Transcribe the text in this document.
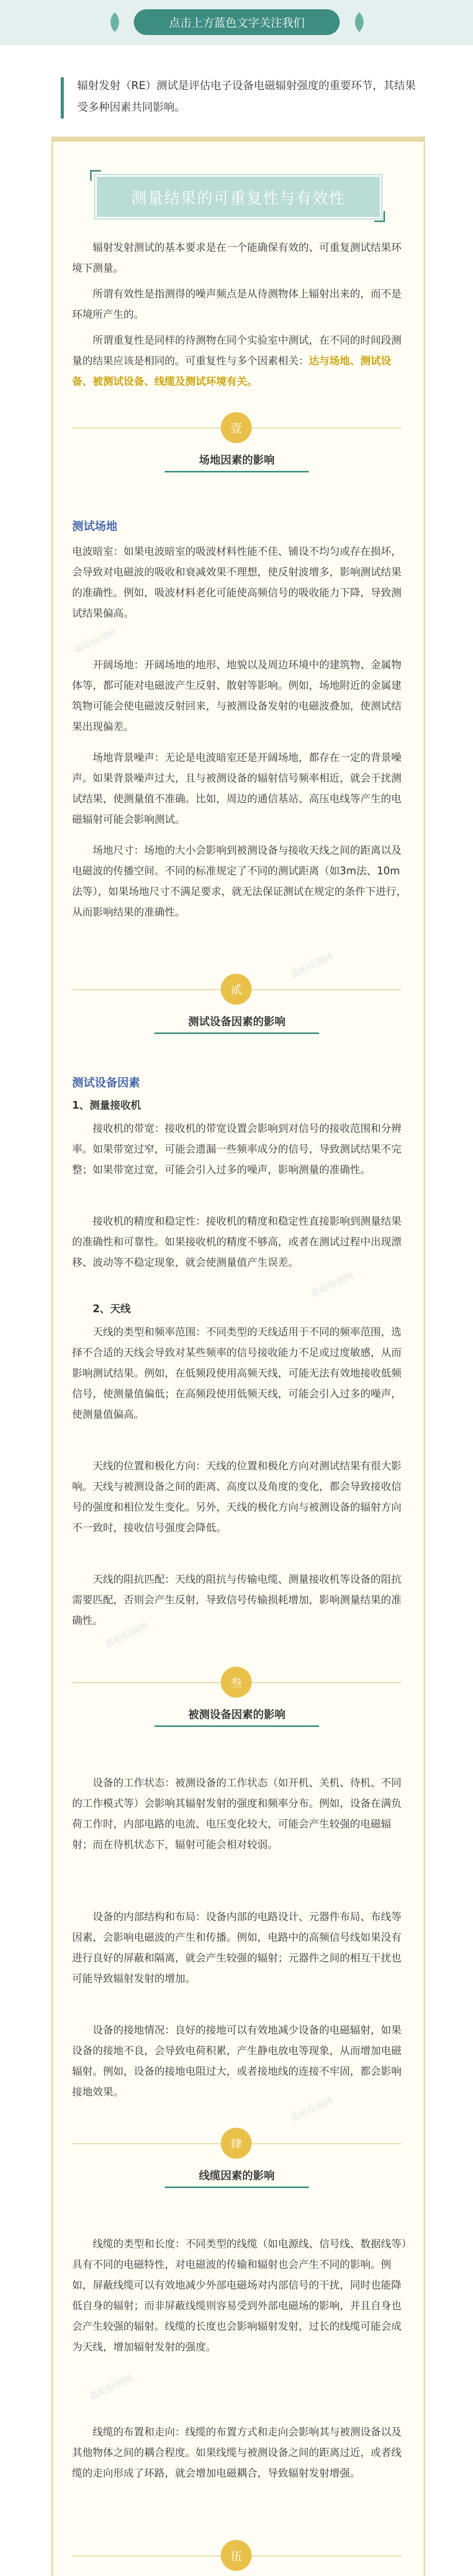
点击上方蓝色文字关注我们
辐射发射（RE）测试是评估电子设备电磁辐射强度的重要环节，其结果受多种因素共同影响。
测量结果的可重复性与有效性
辐射发射测试的基本要求是在一个能确保有效的、可重复测试结果环境下测量。
所谓有效性是指测得的噪声频点是从待测物体上辐射出来的，而不是环境所产生的。
所谓重复性是同样的待测物在同个实验室中测试，在不同的时间段测量的结果应该是相同的。可重复性与多个因素相关：达与场地、测试设备、被测试设备、线缆及测试环境有关。
壹
场地因素的影响
测试场地
电波暗室：如果电波暗室的吸波材料性能不佳、铺设不均匀或存在损坏，会导致对电磁波的吸收和衰减效果不理想，使反射波增多，影响测试结果的准确性。例如，吸波材料老化可能使高频信号的吸收能力下降，导致测试结果偏高。
开阔场地：开阔场地的地形、地貌以及周边环境中的建筑物、金属物体等，都可能对电磁波产生反射、散射等影响。例如，场地附近的金属建筑物可能会使电磁波反射回来，与被测设备发射的电磁波叠加，使测试结果出现偏差。
场地背景噪声：无论是电波暗室还是开阔场地，都存在一定的背景噪声。如果背景噪声过大，且与被测设备的辐射信号频率相近，就会干扰测试结果，使测量值不准确。比如，周边的通信基站、高压电线等产生的电磁辐射可能会影响测试。
场地尺寸：场地的大小会影响到被测设备与接收天线之间的距离以及电磁波的传播空间。不同的标准规定了不同的测试距离（如3m法、10m法等），如果场地尺寸不满足要求，就无法保证测试在规定的条件下进行，从而影响结果的准确性。
贰
测试设备因素的影响
测试设备因素
1、测量接收机
接收机的带宽：接收机的带宽设置会影响到对信号的接收范围和分辨率。如果带宽过窄，可能会遗漏一些频率成分的信号，导致测试结果不完整；如果带宽过宽，可能会引入过多的噪声，影响测量的准确性。
接收机的精度和稳定性：接收机的精度和稳定性直接影响到测量结果的准确性和可靠性。如果接收机的精度不够高，或者在测试过程中出现漂移、波动等不稳定现象，就会使测量值产生误差。
2、天线
天线的类型和频率范围：不同类型的天线适用于不同的频率范围，选择不合适的天线会导致对某些频率的信号接收能力不足或过度敏感，从而影响测试结果。例如，在低频段使用高频天线，可能无法有效地接收低频信号，使测量值偏低；在高频段使用低频天线，可能会引入过多的噪声，使测量值偏高。
天线的位置和极化方向：天线的位置和极化方向对测试结果有很大影响。天线与被测设备之间的距离、高度以及角度的变化，都会导致接收信号的强度和相位发生变化。另外，天线的极化方向与被测设备的辐射方向不一致时，接收信号强度会降低。
天线的阻抗匹配：天线的阻抗与传输电缆、测量接收机等设备的阻抗需要匹配，否则会产生反射，导致信号传输损耗增加，影响测量结果的准确性。
叁
被测设备因素的影响
设备的工作状态：被测设备的工作状态（如开机、关机、待机、不同的工作模式等）会影响其辐射发射的强度和频率分布。例如，设备在满负荷工作时，内部电路的电流、电压变化较大，可能会产生较强的电磁辐射；而在待机状态下，辐射可能会相对较弱。
设备的内部结构和布局：设备内部的电路设计、元器件布局、布线等因素，会影响电磁波的产生和传播。例如，电路中的高频信号线如果没有进行良好的屏蔽和隔离，就会产生较强的辐射；元器件之间的相互干扰也可能导致辐射发射的增加。
设备的接地情况：良好的接地可以有效地减少设备的电磁辐射，如果设备的接地不良，会导致电荷积累，产生静电放电等现象，从而增加电磁辐射。例如，设备的接地电阻过大，或者接地线的连接不牢固，都会影响接地效果。
肆
线缆因素的影响
线缆的类型和长度：不同类型的线缆（如电源线、信号线、数据线等）具有不同的电磁特性，对电磁波的传输和辐射也会产生不同的影响。例如，屏蔽线缆可以有效地减少外部电磁场对内部信号的干扰，同时也能降低自身的辐射；而非屏蔽线缆则容易受到外部电磁场的影响，并且自身也会产生较强的辐射。线缆的长度也会影响辐射发射，过长的线缆可能会成为天线，增加辐射发射的强度。
线缆的布置和走向：线缆的布置方式和走向会影响其与被测设备以及其他物体之间的耦合程度。如果线缆与被测设备之间的距离过近，或者线缆的走向形成了环路，就会增加电磁耦合，导致辐射发射增强。
伍
嘉峪检测网
嘉峪检测网
嘉峪检测网
嘉峪检测网
嘉峪检测网
嘉峪检测网
